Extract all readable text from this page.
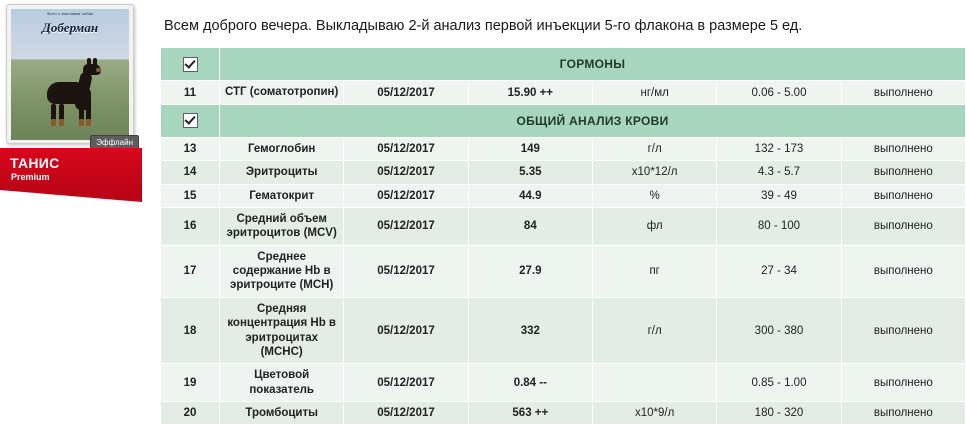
Фото с выставки собак
Доберман
Эффлайн
ТАНИС
Premium
Всем доброго вечера. Выкладываю 2-й анализ первой инъекции 5-го флакона в размере 5 ед.
	ГОРМОНЫ					
11	СТГ (соматотропин)	05/12/2017	15.90 ++	нг/мл	0.06 - 5.00	выполнено
	ОБЩИЙ АНАЛИЗ КРОВИ					
13	Гемоглобин	05/12/2017	149	г/л	132 - 173	выполнено
14	Эритроциты	05/12/2017	5.35	х10*12/л	4.3 - 5.7	выполнено
15	Гематокрит	05/12/2017	44.9	%	39 - 49	выполнено
16	Средний объем эритроцитов (MCV)	05/12/2017	84	фл	80 - 100	выполнено
17	Среднее содержание Hb в эритроците (MCH)	05/12/2017	27.9	пг	27 - 34	выполнено
18	Средняя концентрация Hb в эритроцитах (MCHC)	05/12/2017	332	г/л	300 - 380	выполнено
19	Цветовой показатель	05/12/2017	0.84 --		0.85 - 1.00	выполнено
20	Тромбоциты	05/12/2017	563 ++	х10*9/л	180 - 320	выполнено
